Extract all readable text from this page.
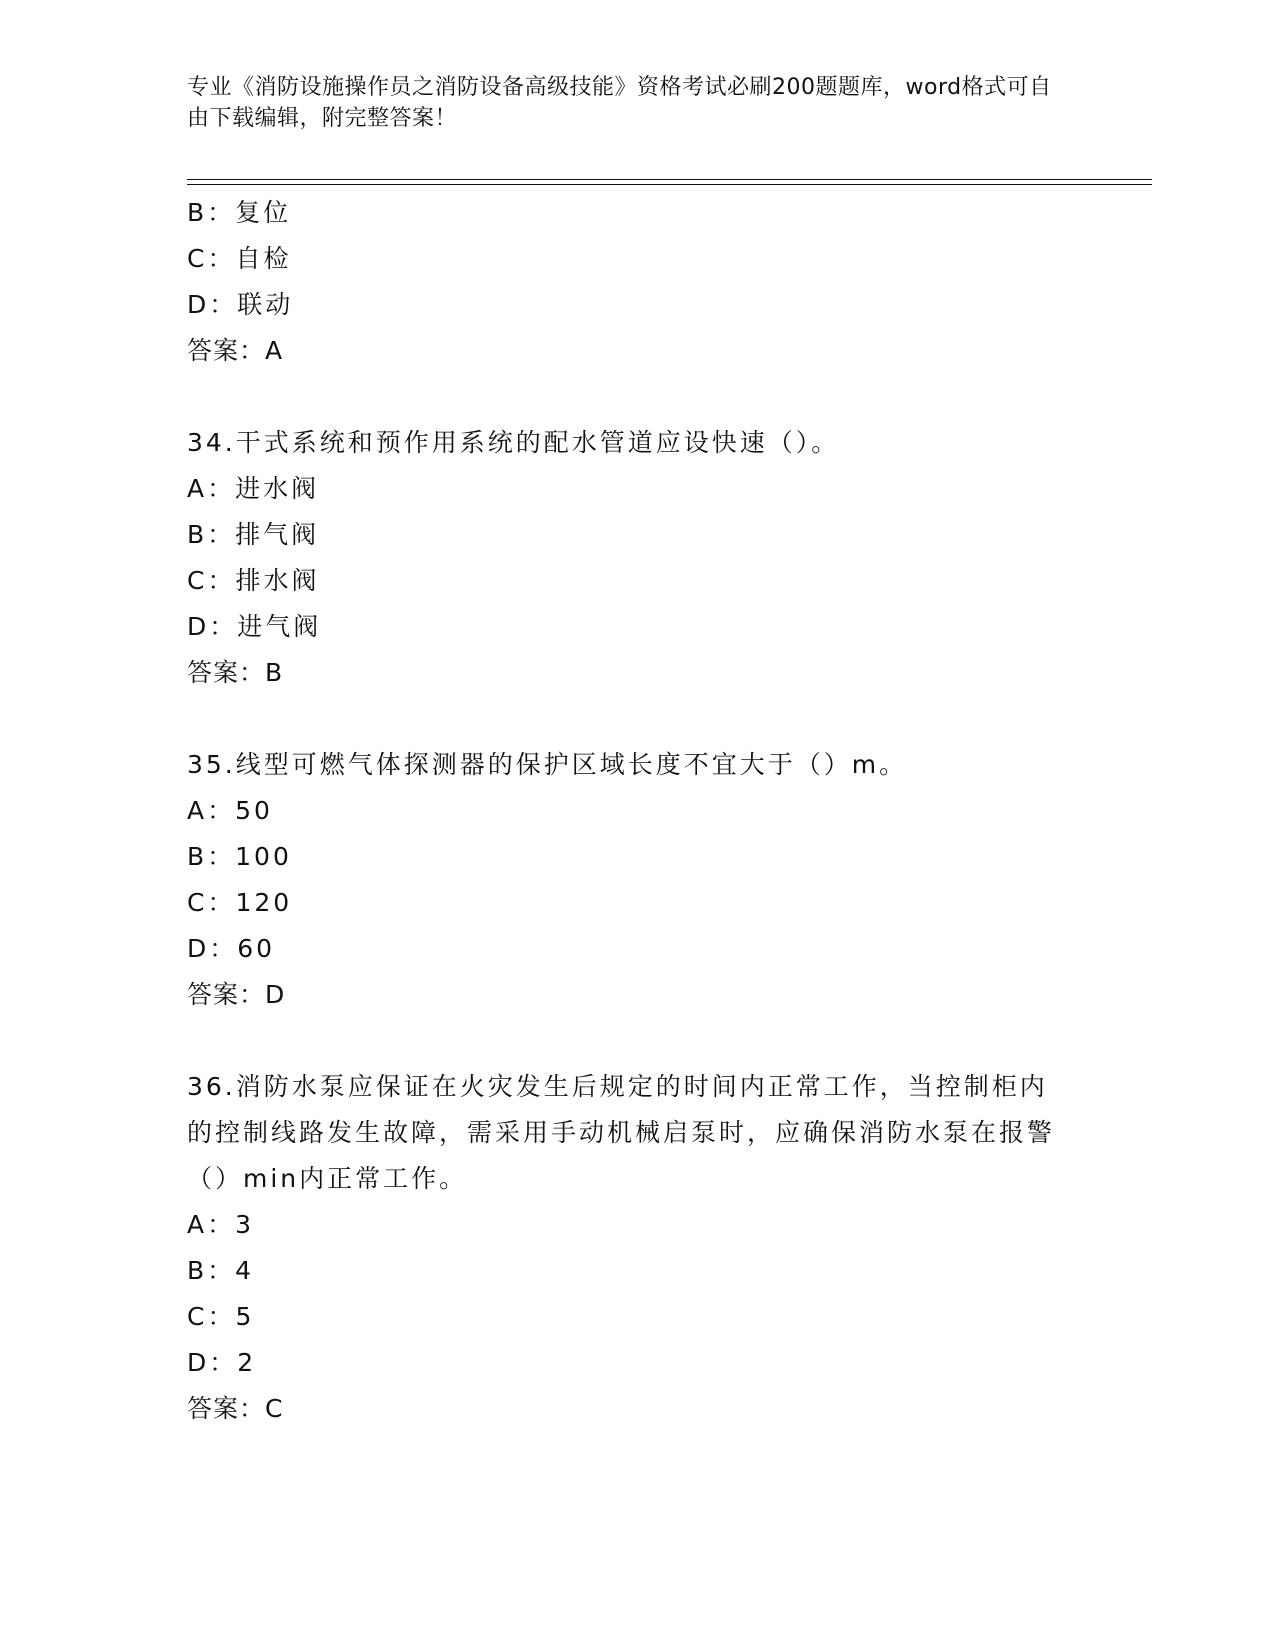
专业《消防设施操作员之消防设备高级技能》资格考试必刷200题题库，word格式可自由下载编辑，附完整答案！
B：复位
C：自检
D：联动
答案：A
34.干式系统和预作用系统的配水管道应设快速（）。
A：进水阀
B：排气阀
C：排水阀
D：进气阀
答案：B
35.线型可燃气体探测器的保护区域长度不宜大于（）m。
A：50
B：100
C：120
D：60
答案：D
36.消防水泵应保证在火灾发生后规定的时间内正常工作，当控制柜内的控制线路发生故障，需采用手动机械启泵时，应确保消防水泵在报警（）min内正常工作。
A：3
B：4
C：5
D：2
答案：C
